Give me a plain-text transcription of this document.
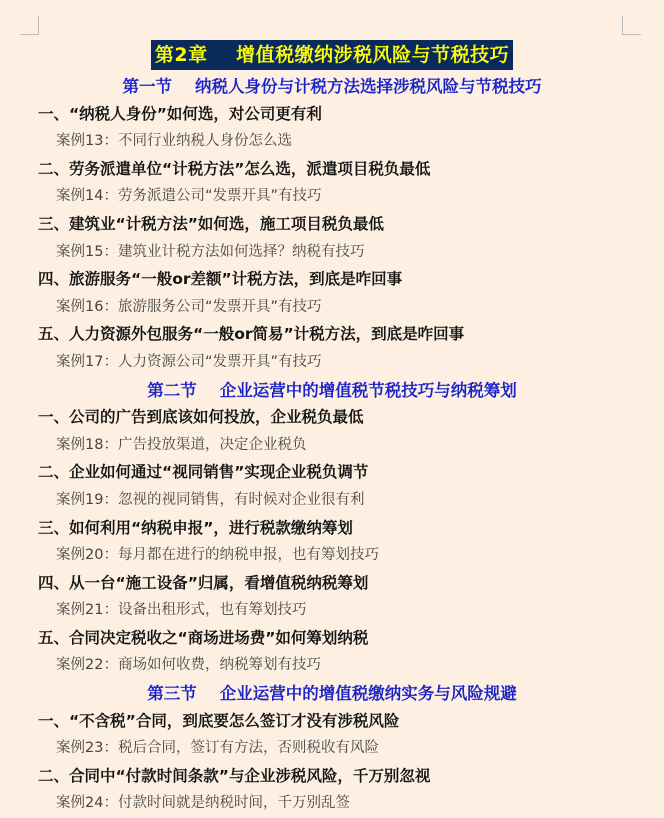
第2章    增值税缴纳涉税风险与节税技巧
第一节    纳税人身份与计税方法选择涉税风险与节税技巧
一、“纳税人身份”如何选，对公司更有利
案例13：不同行业纳税人身份怎么选
二、劳务派遣单位“计税方法”怎么选，派遣项目税负最低
案例14：劳务派遣公司“发票开具”有技巧
三、建筑业“计税方法”如何选，施工项目税负最低
案例15：建筑业计税方法如何选择？纳税有技巧
四、旅游服务“一般or差额”计税方法，到底是咋回事
案例16：旅游服务公司“发票开具”有技巧
五、人力资源外包服务“一般or简易”计税方法，到底是咋回事
案例17：人力资源公司“发票开具”有技巧
第二节    企业运营中的增值税节税技巧与纳税筹划
一、公司的广告到底该如何投放，企业税负最低
案例18：广告投放渠道，决定企业税负
二、企业如何通过“视同销售”实现企业税负调节
案例19：忽视的视同销售，有时候对企业很有利
三、如何利用“纳税申报”，进行税款缴纳筹划
案例20：每月都在进行的纳税申报，也有筹划技巧
四、从一台“施工设备”归属，看增值税纳税筹划
案例21：设备出租形式，也有筹划技巧
五、合同决定税收之“商场进场费”如何筹划纳税
案例22：商场如何收费，纳税筹划有技巧
第三节    企业运营中的增值税缴纳实务与风险规避
一、“不含税”合同，到底要怎么签订才没有涉税风险
案例23：税后合同，签订有方法，否则税收有风险
二、合同中“付款时间条款”与企业涉税风险，千万别忽视
案例24：付款时间就是纳税时间，千万别乱签
